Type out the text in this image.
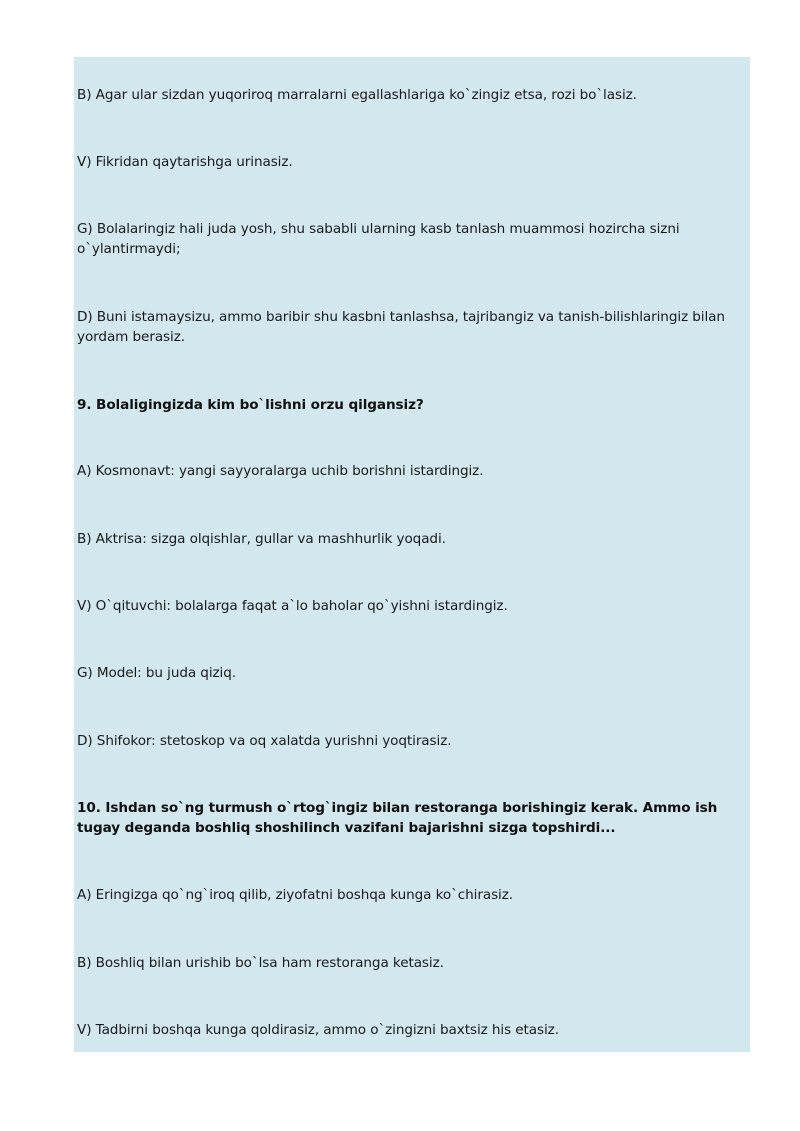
B) Agar ular sizdan yuqoriroq marralarni egallashlariga ko`zingiz etsa, rozi bo`lasiz.

V) Fikridan qaytarishga urinasiz.

G) Bolalaringiz hali juda yosh, shu sababli ularning kasb tanlash muammosi hozircha sizni o`ylantirmaydi;

D) Buni istamaysizu, ammo baribir shu kasbni tanlashsa, tajribangiz va tanish-bilishlaringiz bilan yordam berasiz.

9. Bolaligingizda kim bo`lishni orzu qilgansiz?

A) Kosmonavt: yangi sayyoralarga uchib borishni istardingiz.

B) Aktrisa: sizga olqishlar, gullar va mashhurlik yoqadi.

V) O`qituvchi: bolalarga faqat a`lo baholar qo`yishni istardingiz.

G) Model: bu juda qiziq.

D) Shifokor: stetoskop va oq xalatda yurishni yoqtirasiz.

10. Ishdan so`ng turmush o`rtog`ingiz bilan restoranga borishingiz kerak. Ammo ish tugay deganda boshliq shoshilinch vazifani bajarishni sizga topshirdi...

A) Eringizga qo`ng`iroq qilib, ziyofatni boshqa kunga ko`chirasiz.

B) Boshliq bilan urishib bo`lsa ham restoranga ketasiz.

V) Tadbirni boshqa kunga qoldirasiz, ammo o`zingizni baxtsiz his etasiz.
